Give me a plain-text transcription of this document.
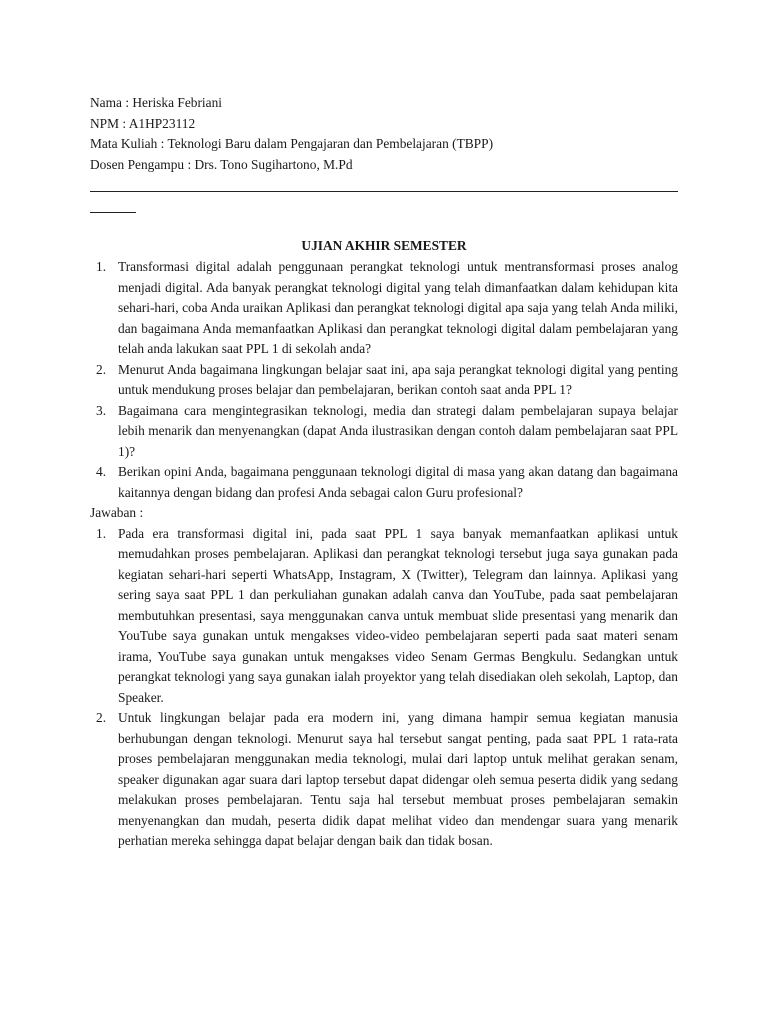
Nama : Heriska Febriani
NPM : A1HP23112
Mata Kuliah : Teknologi Baru dalam Pengajaran dan Pembelajaran (TBPP)
Dosen Pengampu : Drs. Tono Sugihartono, M.Pd
UJIAN AKHIR SEMESTER
1. Transformasi digital adalah penggunaan perangkat teknologi untuk mentransformasi proses analog menjadi digital. Ada banyak perangkat teknologi digital yang telah dimanfaatkan dalam kehidupan kita sehari-hari, coba Anda uraikan Aplikasi dan perangkat teknologi digital apa saja yang telah Anda miliki, dan bagaimana Anda memanfaatkan Aplikasi dan perangkat teknologi digital dalam pembelajaran yang telah anda lakukan saat PPL 1 di sekolah anda?
2. Menurut Anda bagaimana lingkungan belajar saat ini, apa saja perangkat teknologi digital yang penting untuk mendukung proses belajar dan pembelajaran, berikan contoh saat anda PPL 1?
3. Bagaimana cara mengintegrasikan teknologi, media dan strategi dalam pembelajaran supaya belajar lebih menarik dan menyenangkan (dapat Anda ilustrasikan dengan contoh dalam pembelajaran saat PPL 1)?
4. Berikan opini Anda, bagaimana penggunaan teknologi digital di masa yang akan datang dan bagaimana kaitannya dengan bidang dan profesi Anda sebagai calon Guru profesional?
Jawaban :
1. Pada era transformasi digital ini, pada saat PPL 1 saya banyak memanfaatkan aplikasi untuk memudahkan proses pembelajaran. Aplikasi dan perangkat teknologi tersebut juga saya gunakan pada kegiatan sehari-hari seperti WhatsApp, Instagram, X (Twitter), Telegram dan lainnya. Aplikasi yang sering saya saat PPL 1 dan perkuliahan gunakan adalah canva dan YouTube, pada saat pembelajaran membutuhkan presentasi, saya menggunakan canva untuk membuat slide presentasi yang menarik dan YouTube saya gunakan untuk mengakses video-video pembelajaran seperti pada saat materi senam irama, YouTube saya gunakan untuk mengakses video Senam Germas Bengkulu. Sedangkan untuk perangkat teknologi yang saya gunakan ialah proyektor yang telah disediakan oleh sekolah, Laptop, dan Speaker.
2. Untuk lingkungan belajar pada era modern ini, yang dimana hampir semua kegiatan manusia berhubungan dengan teknologi. Menurut saya hal tersebut sangat penting, pada saat PPL 1 rata-rata proses pembelajaran menggunakan media teknologi, mulai dari laptop untuk melihat gerakan senam, speaker digunakan agar suara dari laptop tersebut dapat didengar oleh semua peserta didik yang sedang melakukan proses pembelajaran. Tentu saja hal tersebut membuat proses pembelajaran semakin menyenangkan dan mudah, peserta didik dapat melihat video dan mendengar suara yang menarik perhatian mereka sehingga dapat belajar dengan baik dan tidak bosan.
